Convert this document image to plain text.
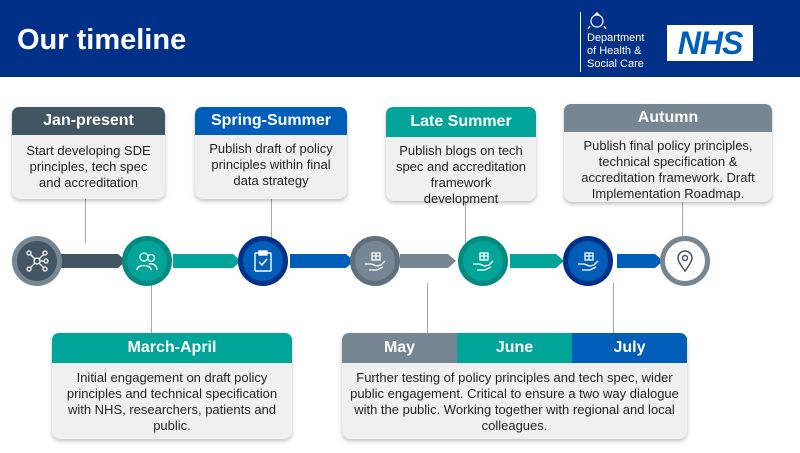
Our timeline	Department
of Health &
Social Care
NHS
Jan-present
Start developing SDE principles, tech spec and accreditation
Spring-Summer
Publish draft of policy principles within final data strategy
Late Summer
Publish blogs on tech spec and accreditation framework development
Autumn
Publish final policy principles, technical specification & accreditation framework. Draft Implementation Roadmap.
March-April
Initial engagement on draft policy principles and technical specification with NHS, researchers, patients and public.
May	June	July
Further testing of policy principles and tech spec, wider public engagement. Critical to ensure a two way dialogue with the public. Working together with regional and local colleagues.
